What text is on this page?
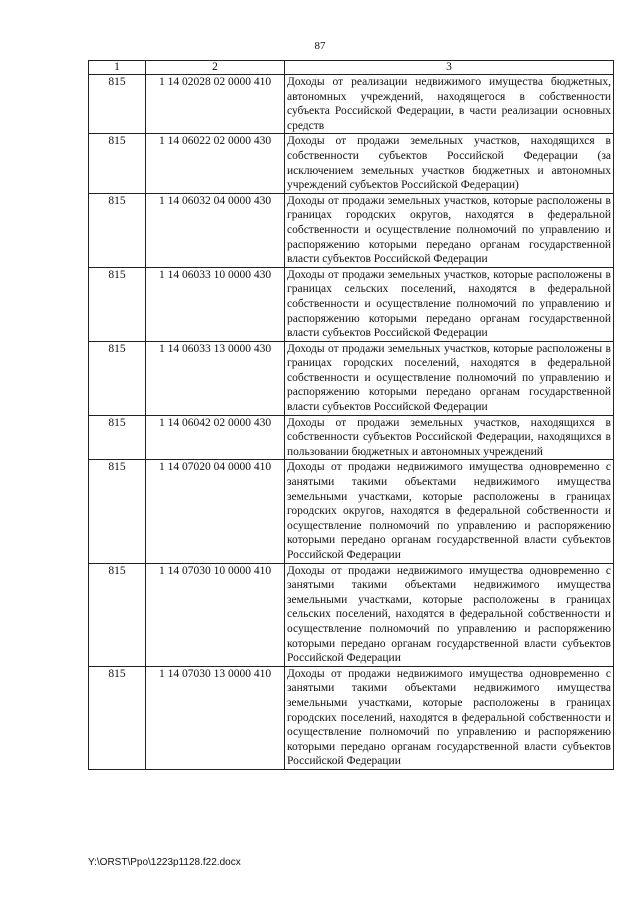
87
1	2	3
815	1 14 02028 02 0000 410	Доходы от реализации недвижимого имущества бюджетных, автономных учреждений, находящегося в собственности субъекта Российской Федерации, в части реализации основных средств
815	1 14 06022 02 0000 430	Доходы от продажи земельных участков, находящихся в собственности субъектов Российской Федерации (за исключением земельных участков бюджетных и автономных учреждений субъектов Российской Федерации)
815	1 14 06032 04 0000 430	Доходы от продажи земельных участков, которые расположены в границах городских округов, находятся в федеральной собственности и осуществление полномочий по управлению и распоряжению которыми передано органам государственной власти субъектов Российской Федерации
815	1 14 06033 10 0000 430	Доходы от продажи земельных участков, которые расположены в границах сельских поселений, находятся в федеральной собственности и осуществление полномочий по управлению и распоряжению которыми передано органам государственной власти субъектов Российской Федерации
815	1 14 06033 13 0000 430	Доходы от продажи земельных участков, которые расположены в границах городских поселений, находятся в федеральной собственности и осуществление полномочий по управлению и распоряжению которыми передано органам государственной власти субъектов Российской Федерации
815	1 14 06042 02 0000 430	Доходы от продажи земельных участков, находящихся в собственности субъектов Российской Федерации, находящихся в пользовании бюджетных и автономных учреждений
815	1 14 07020 04 0000 410	Доходы от продажи недвижимого имущества одновременно с занятыми такими объектами недвижимого имущества земельными участками, которые расположены в границах городских округов, находятся в федеральной собственности и осуществление полномочий по управлению и распоряжению которыми передано органам государственной власти субъектов Российской Федерации
815	1 14 07030 10 0000 410	Доходы от продажи недвижимого имущества одновременно с занятыми такими объектами недвижимого имущества земельными участками, которые расположены в границах сельских поселений, находятся в федеральной собственности и осуществление полномочий по управлению и распоряжению которыми передано органам государственной власти субъектов Российской Федерации
815	1 14 07030 13 0000 410	Доходы от продажи недвижимого имущества одновременно с занятыми такими объектами недвижимого имущества земельными участками, которые расположены в границах городских поселений, находятся в федеральной собственности и осуществление полномочий по управлению и распоряжению которыми передано органам государственной власти субъектов Российской Федерации
Y:\ORST\Ppo\1223p1128.f22.docx
